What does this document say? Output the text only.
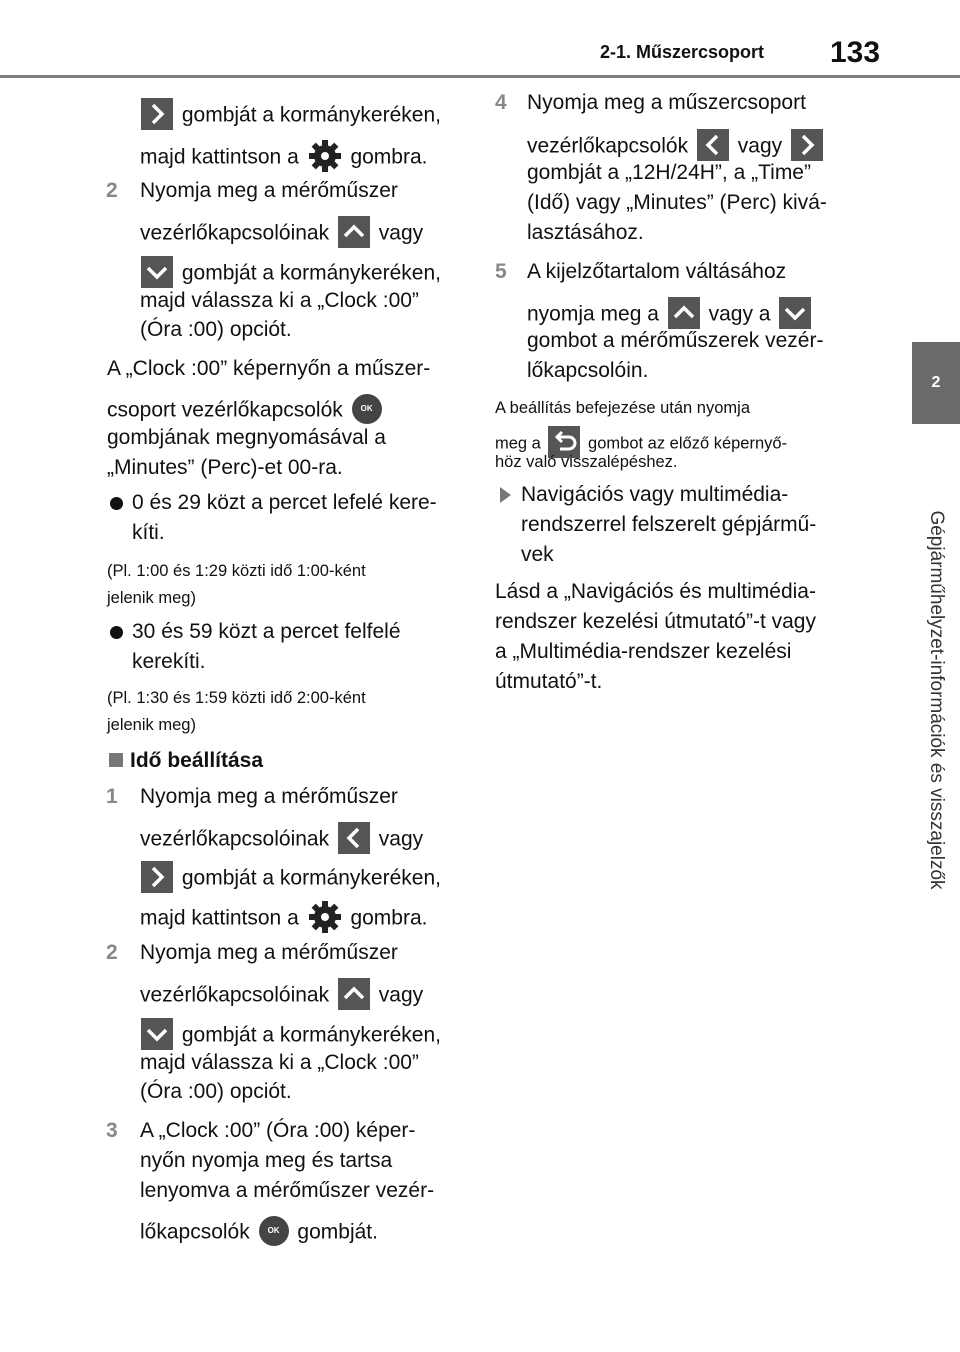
2-1. Műszercsoport 133
2
Gépjárműhelyzet-információk és visszajelzők
gombját a kormánykeréken,
majd kattintson a gombra.
2 Nyomja meg a mérőműszer
vezérlőkapcsolóinak vagy
gombját a kormánykeréken,
majd válassza ki a „Clock :00”
(Óra :00) opciót.
A „Clock :00” képernyőn a műszer-
csoport vezérlőkapcsolók OK
gombjának megnyomásával a
„Minutes” (Perc)-et 00-ra.
0 és 29 közt a percet lefelé kere-
kíti.
(Pl. 1:00 és 1:29 közti idő 1:00-ként
jelenik meg)
30 és 59 közt a percet felfelé
kerekíti.
(Pl. 1:30 és 1:59 közti idő 2:00-ként
jelenik meg)
Idő beállítása
1 Nyomja meg a mérőműszer
vezérlőkapcsolóinak vagy
gombját a kormánykeréken,
majd kattintson a gombra.
2 Nyomja meg a mérőműszer
vezérlőkapcsolóinak vagy
gombját a kormánykeréken,
majd válassza ki a „Clock :00”
(Óra :00) opciót.
3 A „Clock :00” (Óra :00) képer-
nyőn nyomja meg és tartsa
lenyomva a mérőműszer vezér-
lőkapcsolók OK gombját.
4 Nyomja meg a műszercsoport
vezérlőkapcsolók vagy
gombját a „12H/24H”, a „Time”
(Idő) vagy „Minutes” (Perc) kivá-
lasztásához.
5 A kijelzőtartalom váltásához
nyomja meg a vagy a
gombot a mérőműszerek vezér-
lőkapcsolóin.
A beállítás befejezése után nyomja
meg a	gombot az előző képernyő-
höz való visszalépéshez.
Navigációs vagy multimédia-
rendszerrel felszerelt gépjármű-
vek
Lásd a „Navigációs és multimédia-
rendszer kezelési útmutató”-t vagy
a „Multimédia-rendszer kezelési
útmutató”-t.
